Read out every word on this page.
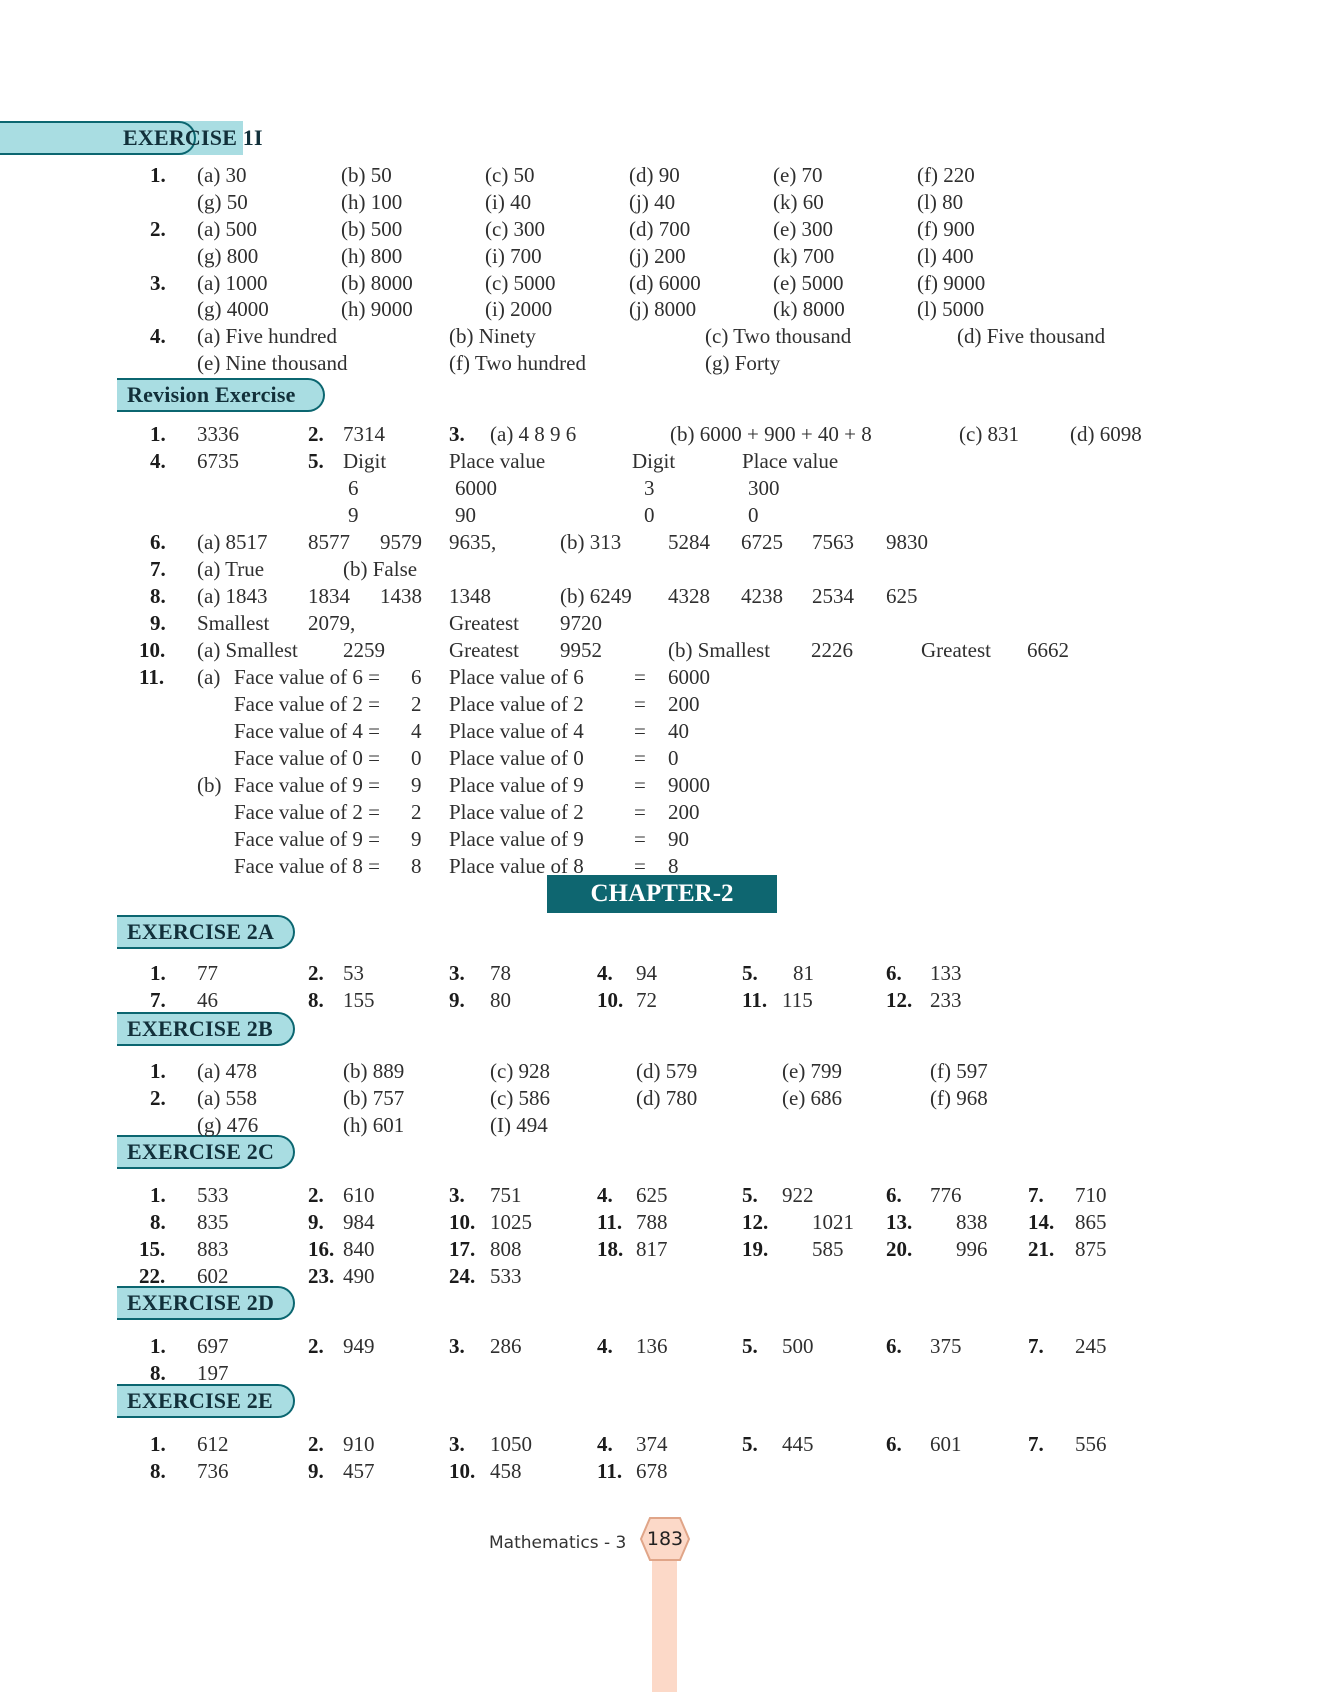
EXERCISE 1I
Revision Exercise
CHAPTER-2
EXERCISE 2A
EXERCISE 2B
EXERCISE 2C
EXERCISE 2D
EXERCISE 2E
1. (a) 30	(b) 50	(c) 50	(d) 90	(e) 70	(f) 220
(g) 50	(h) 100	(i) 40	(j) 40	(k) 60	(l) 80
2. (a) 500	(b) 500	(c) 300	(d) 700	(e) 300	(f) 900
(g) 800	(h) 800	(i) 700	(j) 200	(k) 700	(l) 400
3. (a) 1000	(b) 8000	(c) 5000	(d) 6000	(e) 5000	(f) 9000
(g) 4000	(h) 9000	(i) 2000	(j) 8000	(k) 8000	(l) 5000
4. (a) Five hundred	(b) Ninety	(c) Two thousand	(d) Five thousand
(e) Nine thousand	(f) Two hundred	(g) Forty
1. 3336	2. 7314	3. (a) 4 8 9 6	(b) 6000 + 900 + 40 + 8	(c) 831 (d) 6098
4. 6735	5. Digit	Place value	Digit	Place value
6	6000	3	300
9	90	0	0
6. (a) 8517 8577 9579 9635,	(b) 313 5284 6725 7563 9830
7. (a) True	(b) False
8. (a) 1843 1834 1438 1348	(b) 6249 4328 4238 2534 625
9. Smallest 2079,	Greatest 9720
10. (a) Smallest 2259	Greatest 9952	(b) Smallest 2226	Greatest 6662
11. (a)
(b)
Face value of 6 = 6 Place value of 6 = 6000
Face value of 2 = 2 Place value of 2 = 200
Face value of 4 = 4 Place value of 4 = 40
Face value of 0 = 0 Place value of 0 = 0
Face value of 9 = 9 Place value of 9 = 9000
Face value of 2 = 2 Place value of 2 = 200
Face value of 9 = 9 Place value of 9 = 90
Face value of 8 = 8 Place value of 8 = 8
1. 77	2. 53	3. 78	4. 94	5. 81	6. 133
7. 46	8. 155	9. 80	10. 72	11. 115	12. 233
1. (a) 478	(b) 889	(c) 928	(d) 579	(e) 799	(f) 597
2. (a) 558	(b) 757	(c) 586	(d) 780	(e) 686	(f) 968
(g) 476	(h) 601	(I) 494
1. 533	2. 610	3. 751	4. 625	5. 922	6. 776	7. 710
8. 835	9. 984	10. 1025	11. 788	12. 1021 13. 838 14. 865
15. 883	16. 840	17. 808	18. 817	19. 585 20. 996 21. 875
22. 602	23. 490	24. 533
1. 697	2. 949	3. 286	4. 136	5. 500	6. 375	7. 245
8. 197
1. 612	2. 910	3. 1050	4. 374	5. 445	6. 601	7. 556
8. 736	9. 457	10. 458	11. 678
183
Mathematics - 3
